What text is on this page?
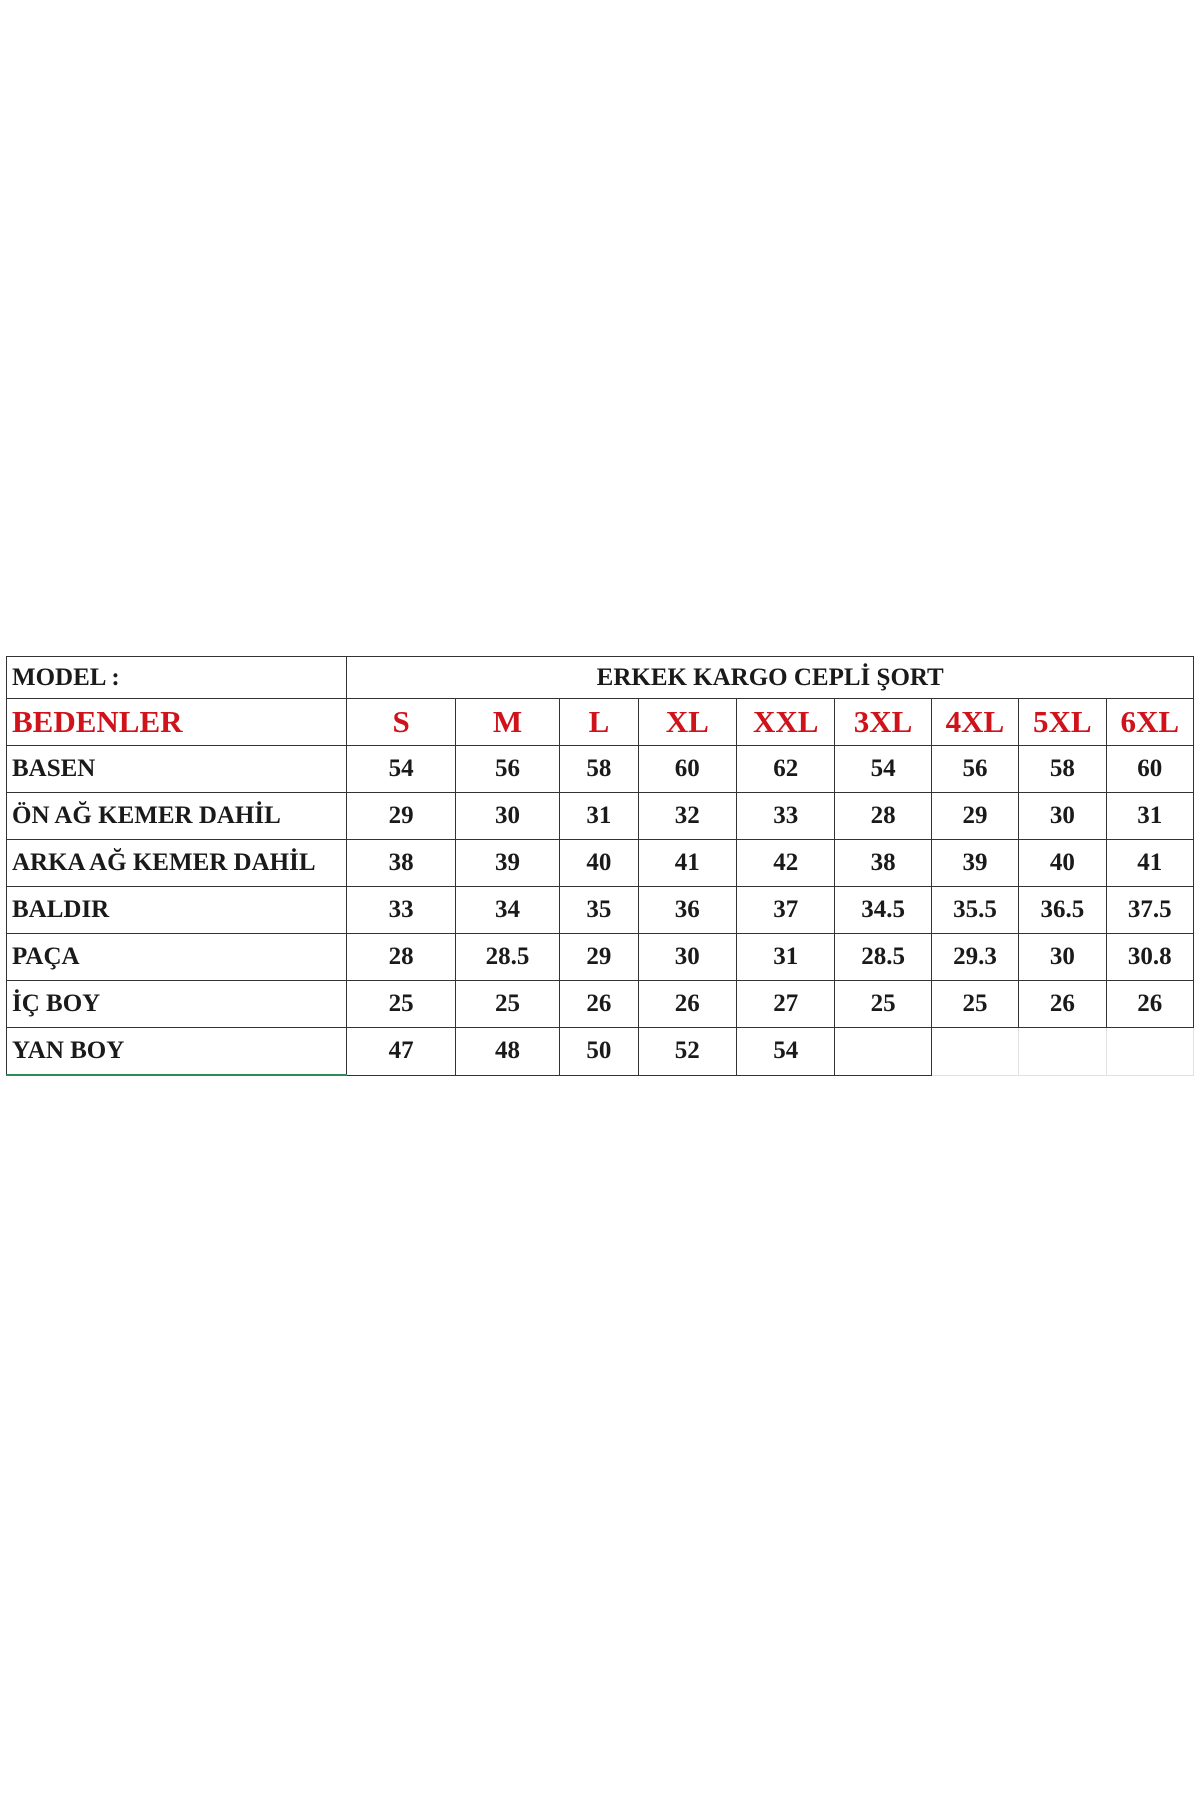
MODEL :	ERKEK KARGO CEPLİ ŞORT								
BEDENLER	S	M	L	XL	XXL	3XL	4XL	5XL	6XL
BASEN	54	56	58	60	62	54	56	58	60
ÖN AĞ KEMER DAHİL	29	30	31	32	33	28	29	30	31
ARKA AĞ KEMER DAHİL	38	39	40	41	42	38	39	40	41
BALDIR	33	34	35	36	37	34.5	35.5	36.5	37.5
PAÇA	28	28.5	29	30	31	28.5	29.3	30	30.8
İÇ BOY	25	25	26	26	27	25	25	26	26
YAN BOY	47	48	50	52	54				
